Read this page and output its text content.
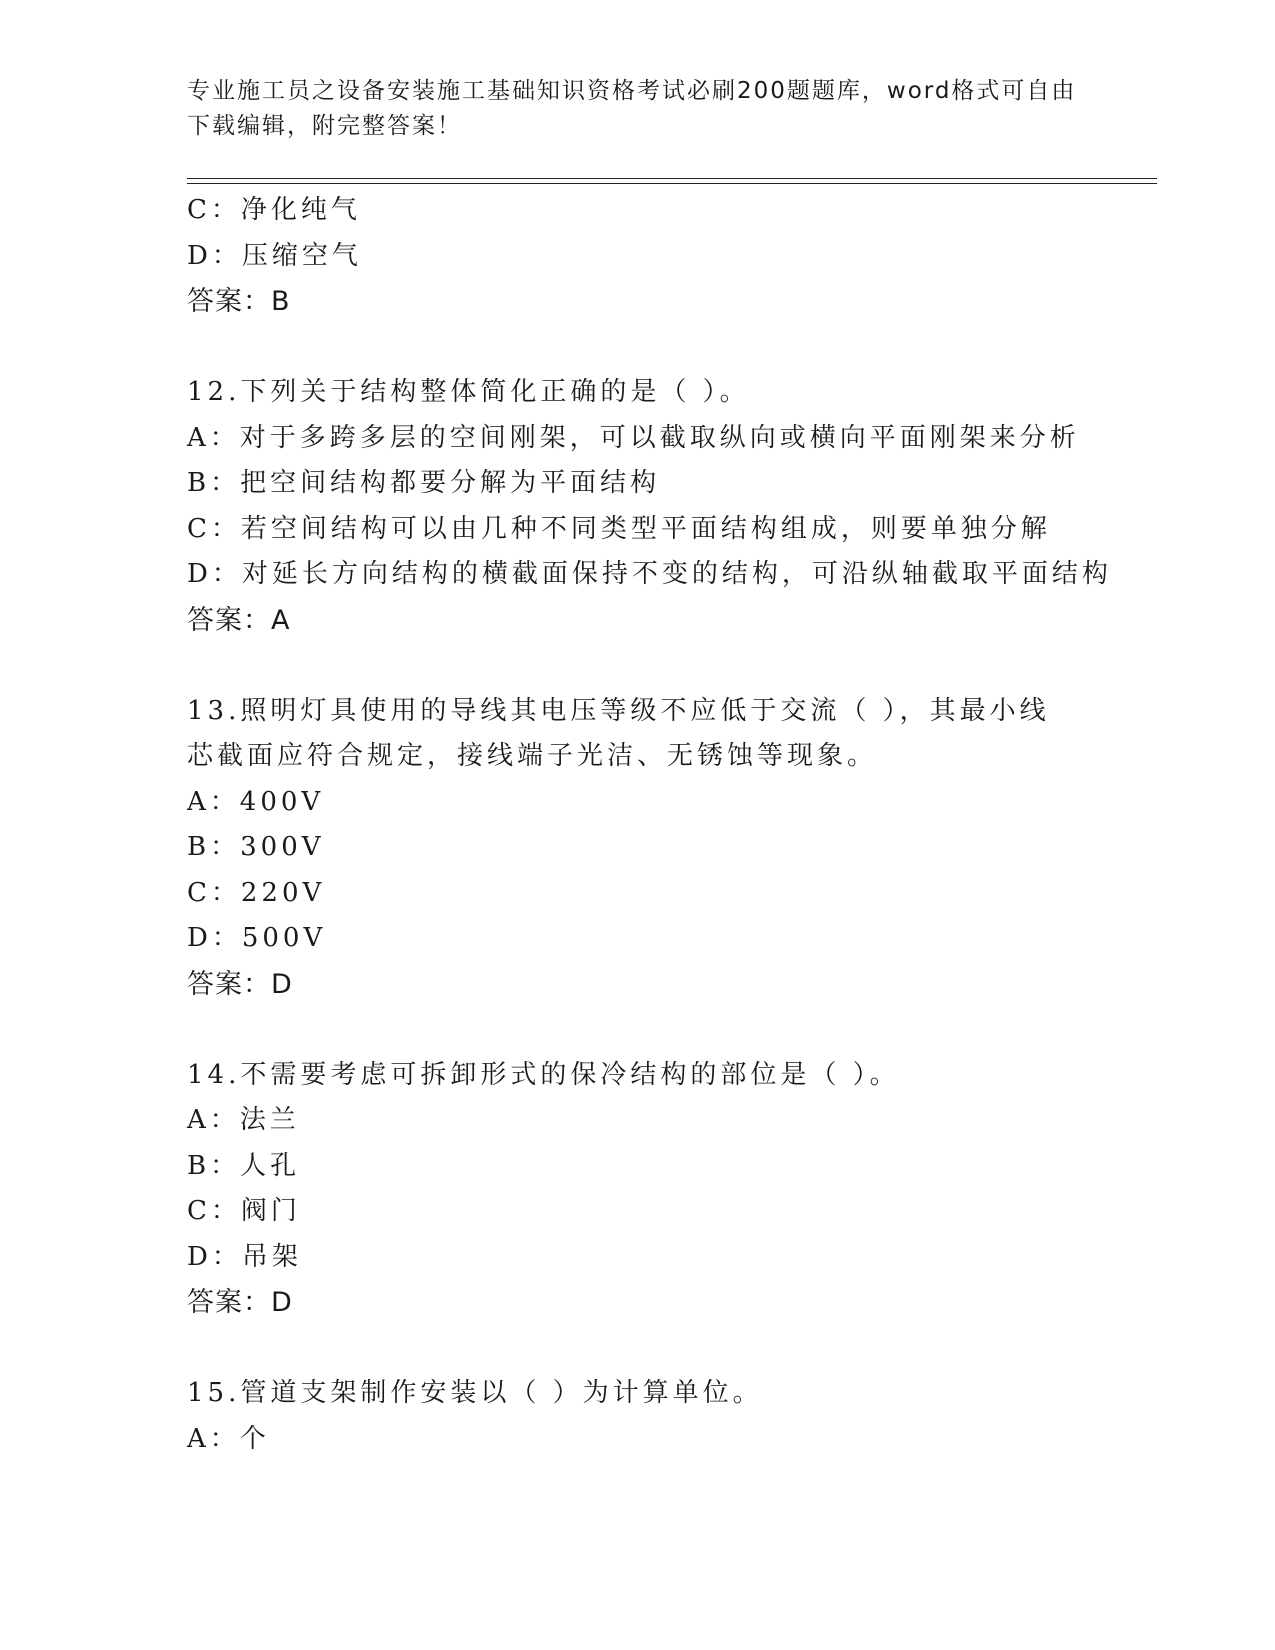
专业施工员之设备安装施工基础知识资格考试必刷200题题库，word格式可自由
下载编辑，附完整答案！
C：净化纯气
D：压缩空气
答案：B
12.下列关于结构整体简化正确的是（ ）。
A：对于多跨多层的空间刚架，可以截取纵向或横向平面刚架来分析
B：把空间结构都要分解为平面结构
C：若空间结构可以由几种不同类型平面结构组成，则要单独分解
D：对延长方向结构的横截面保持不变的结构，可沿纵轴截取平面结构
答案：A
13.照明灯具使用的导线其电压等级不应低于交流（ ），其最小线芯截面应符合规定，接线端子光洁、无锈蚀等现象。
A：400V
B：300V
C：220V
D：500V
答案：D
14.不需要考虑可拆卸形式的保冷结构的部位是（ ）。
A：法兰
B：人孔
C：阀门
D：吊架
答案：D
15.管道支架制作安装以（ ）为计算单位。
A：个
